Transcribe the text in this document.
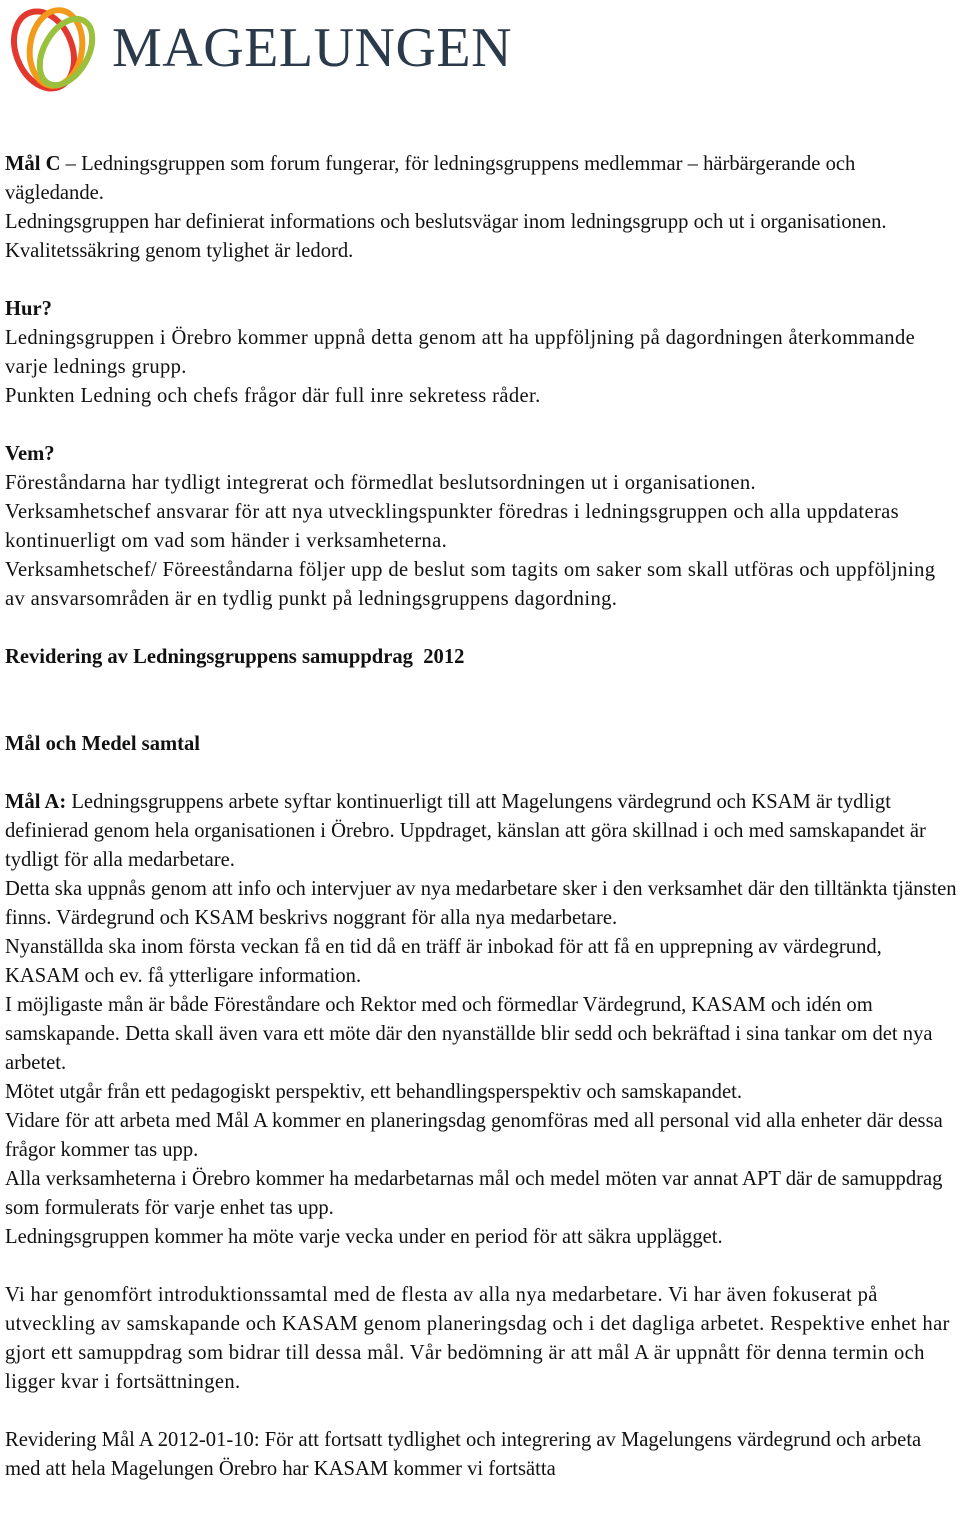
MAGELUNGEN

Mål C – Ledningsgruppen som forum fungerar, för ledningsgruppens medlemmar – härbärgerande och vägledande.

Ledningsgruppen har definierat informations och beslutsvägar inom ledningsgrupp och ut i organisationen. Kvalitetssäkring genom tylighet är ledord.

Hur?

Ledningsgruppen i Örebro kommer uppnå detta genom att ha uppföljning på dagordningen återkommande varje lednings grupp.

Punkten Ledning och chefs frågor där full inre sekretess råder.

Vem?

Föreståndarna har tydligt integrerat och förmedlat beslutsordningen ut i organisationen.

Verksamhetschef ansvarar för att nya utvecklingspunkter föredras i ledningsgruppen och alla uppdateras kontinuerligt om vad som händer i verksamheterna.

Verksamhetschef/ Föreeståndarna följer upp de beslut som tagits om saker som skall utföras och uppföljning av ansvarsområden är en tydlig punkt på ledningsgruppens dagordning.

Revidering av Ledningsgruppens samuppdrag  2012

Mål och Medel samtal

Mål A: Ledningsgruppens arbete syftar kontinuerligt till att Magelungens värdegrund och KSAM är tydligt definierad genom hela organisationen i Örebro. Uppdraget, känslan att göra skillnad i och med samskapandet är tydligt för alla medarbetare.

Detta ska uppnås genom att info och intervjuer av nya medarbetare sker i den verksamhet där den tilltänkta tjänsten finns. Värdegrund och KSAM beskrivs noggrant för alla nya medarbetare.

Nyanställda ska inom första veckan få en tid då en träff är inbokad för att få en upprepning av värdegrund, KASAM och ev. få ytterligare information.

I möjligaste mån är både Föreståndare och Rektor med och förmedlar Värdegrund, KASAM och idén om samskapande. Detta skall även vara ett möte där den nyanställde blir sedd och bekräftad i sina tankar om det nya arbetet.

Mötet utgår från ett pedagogiskt perspektiv, ett behandlingsperspektiv och samskapandet.

Vidare för att arbeta med Mål A kommer en planeringsdag genomföras med all personal vid alla enheter där dessa frågor kommer tas upp.

Alla verksamheterna i Örebro kommer ha medarbetarnas mål och medel möten var annat APT där de samuppdrag som formulerats för varje enhet tas upp.

Ledningsgruppen kommer ha möte varje vecka under en period för att säkra upplägget.

Vi har genomfört introduktionssamtal med de flesta av alla nya medarbetare. Vi har även fokuserat på utveckling av samskapande och KASAM genom planeringsdag och i det dagliga arbetet. Respektive enhet har gjort ett samuppdrag som bidrar till dessa mål. Vår bedömning är att mål A är uppnått för denna termin och ligger kvar i fortsättningen.

Revidering Mål A 2012-01-10: För att fortsatt tydlighet och integrering av Magelungens värdegrund och arbeta med att hela Magelungen Örebro har KASAM kommer vi fortsätta
